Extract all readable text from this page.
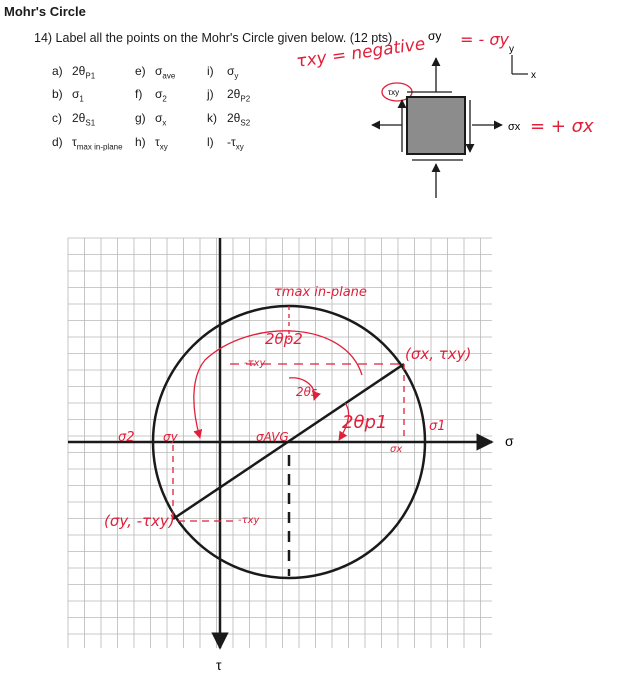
Mohr's Circle
14) Label all the points on the Mohr's Circle given below. (12 pts)
a) $2\theta_{P1}$
b) $\sigma_1$
c) $2\theta_{S1}$
d) $\tau_{max in-plane}$
e) $\sigma_{ave}$
f) $\sigma_2$
g) $\sigma_x$
h) $\tau_{xy}$
i) $\sigma_y$
j) $2\theta_{P2}$
k) $2\theta_{S2}$
l) $-\tau_{xy}$
σ
τ
σy
y
x
τxy
σx
= - σy
τxy = negative
= + σx
τmax in-plane
2θp2
-τxy
2θs
2θp1
(σx, τxy)
σ2 σy	σAVG
σ1
σx
(σy, -τxy)	-τxy
